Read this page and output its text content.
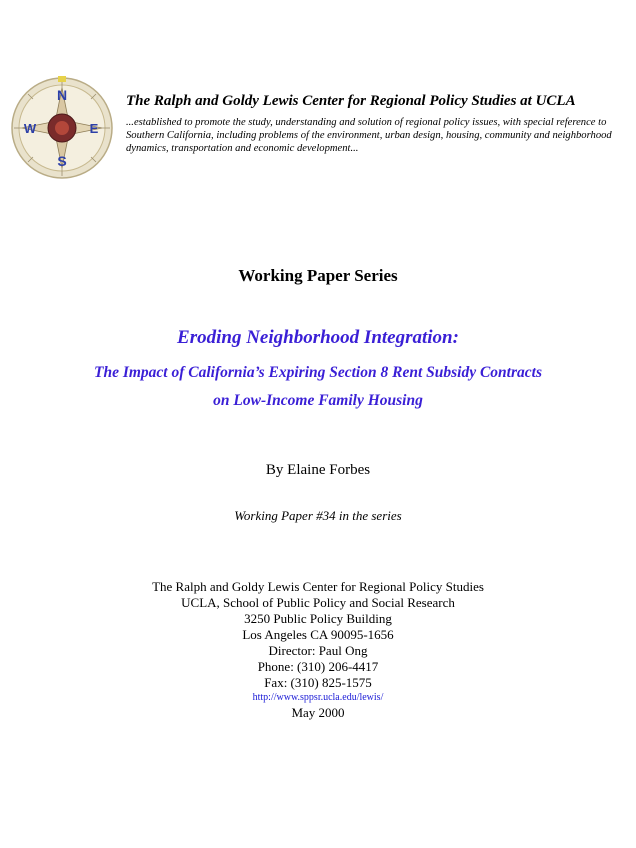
N
E
S
W

The Ralph and Goldy Lewis Center for Regional Policy Studies at UCLA

...established to promote the study, understanding and solution of regional policy issues, with special reference to Southern California, including problems of the environment, urban design, housing, community and neighborhood dynamics, transportation and economic development...

Working Paper Series

Eroding Neighborhood Integration:

The Impact of California’s Expiring Section 8 Rent Subsidy Contracts
on Low-Income Family Housing

By Elaine Forbes

Working Paper #34 in the series

The Ralph and Goldy Lewis Center for Regional Policy Studies
UCLA, School of Public Policy and Social Research
3250 Public Policy Building
Los Angeles CA 90095-1656
Director: Paul Ong
Phone: (310) 206-4417
Fax: (310) 825-1575
http://www.sppsr.ucla.edu/lewis/
May 2000
